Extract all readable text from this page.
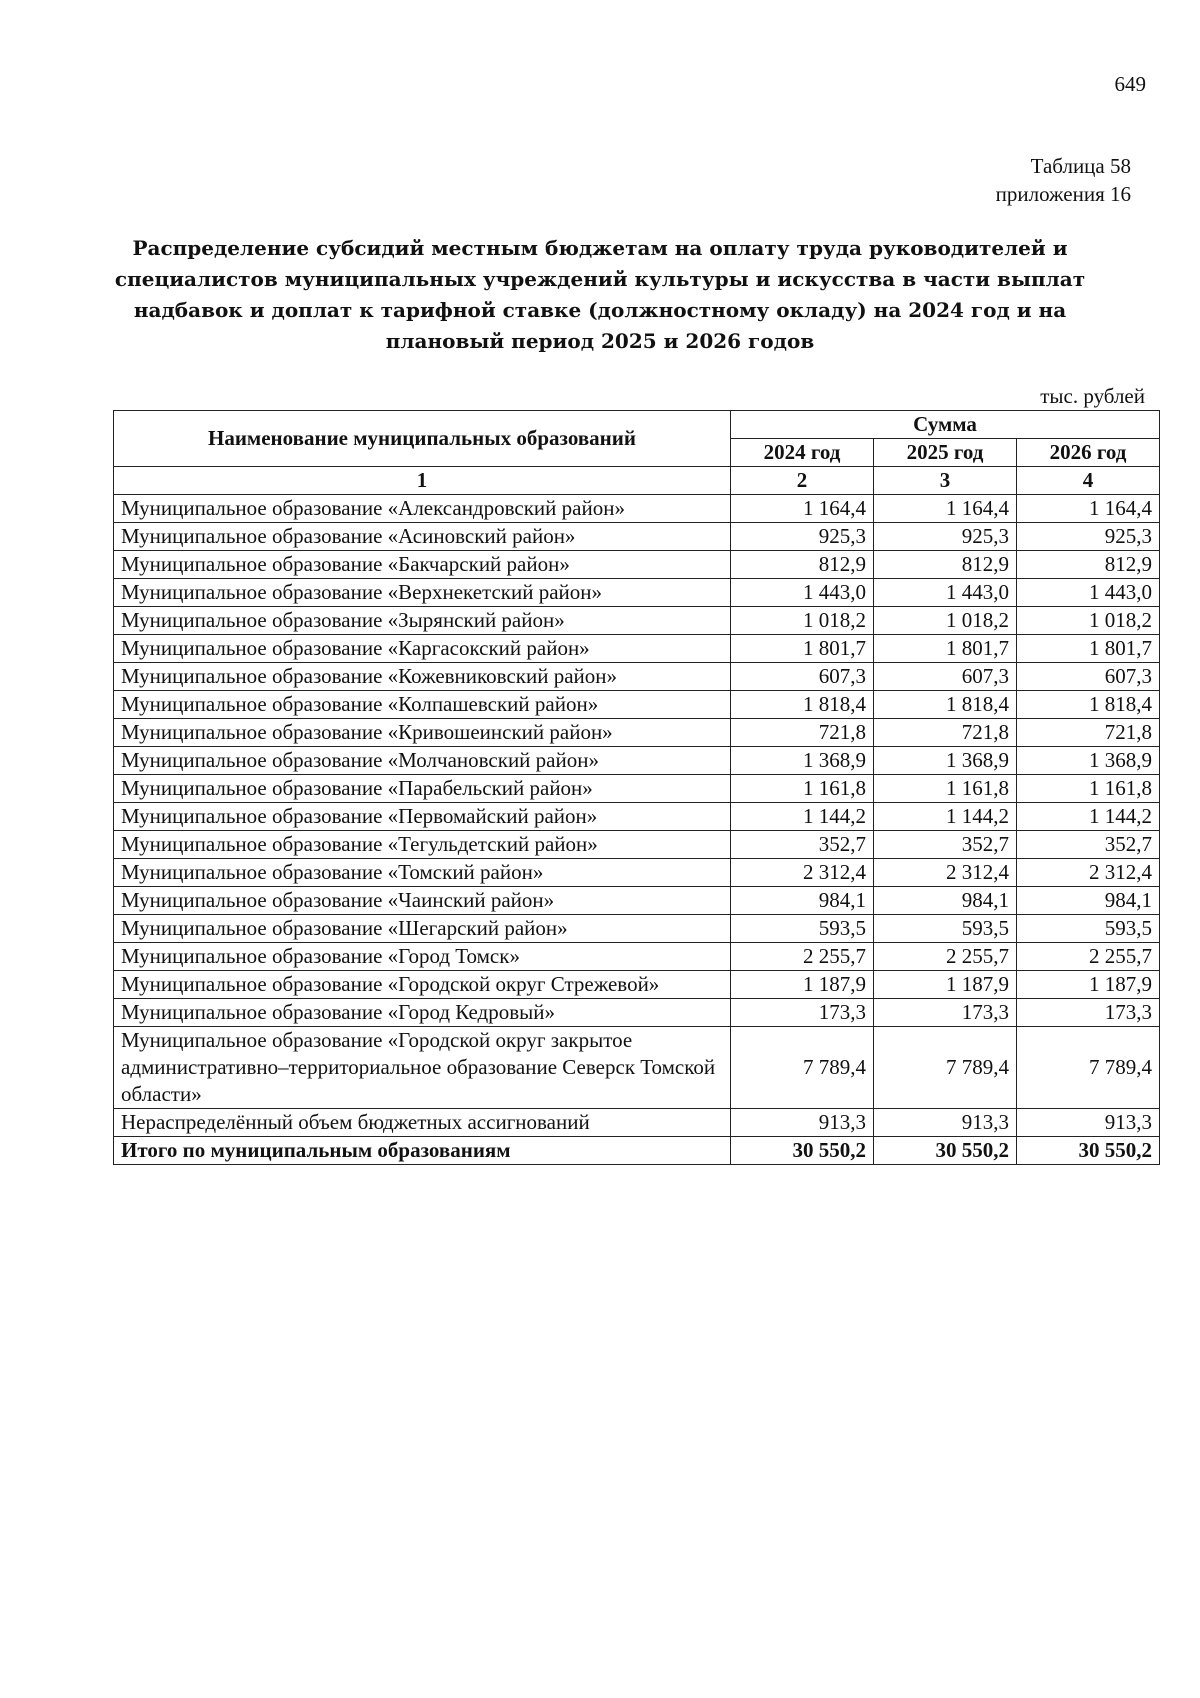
649
Таблица 58
приложения 16
Распределение субсидий местным бюджетам на оплату труда руководителей и
специалистов муниципальных учреждений культуры и искусства в части выплат
надбавок и доплат к тарифной ставке (должностному окладу) на 2024 год и на
плановый период 2025 и 2026 годов
тыс. рублей
Наименование муниципальных образований	Сумма		
	2024 год	2025 год	2026 год
1	2	3	4
Муниципальное образование «Александровский район»	1 164,4	1 164,4	1 164,4
Муниципальное образование «Асиновский район»	925,3	925,3	925,3
Муниципальное образование «Бакчарский район»	812,9	812,9	812,9
Муниципальное образование «Верхнекетский район»	1 443,0	1 443,0	1 443,0
Муниципальное образование «Зырянский район»	1 018,2	1 018,2	1 018,2
Муниципальное образование «Каргасокский район»	1 801,7	1 801,7	1 801,7
Муниципальное образование «Кожевниковский район»	607,3	607,3	607,3
Муниципальное образование «Колпашевский район»	1 818,4	1 818,4	1 818,4
Муниципальное образование «Кривошеинский район»	721,8	721,8	721,8
Муниципальное образование «Молчановский район»	1 368,9	1 368,9	1 368,9
Муниципальное образование «Парабельский район»	1 161,8	1 161,8	1 161,8
Муниципальное образование «Первомайский район»	1 144,2	1 144,2	1 144,2
Муниципальное образование «Тегульдетский район»	352,7	352,7	352,7
Муниципальное образование «Томский район»	2 312,4	2 312,4	2 312,4
Муниципальное образование «Чаинский район»	984,1	984,1	984,1
Муниципальное образование «Шегарский район»	593,5	593,5	593,5
Муниципальное образование «Город Томск»	2 255,7	2 255,7	2 255,7
Муниципальное образование «Городской округ Стрежевой»	1 187,9	1 187,9	1 187,9
Муниципальное образование «Город Кедровый»	173,3	173,3	173,3
Муниципальное образование «Городской округ закрытое административно–территориальное образование Северск Томской области»	7 789,4	7 789,4	7 789,4
Нераспределённый объем бюджетных ассигнований	913,3	913,3	913,3
Итого по муниципальным образованиям	30 550,2	30 550,2	30 550,2
